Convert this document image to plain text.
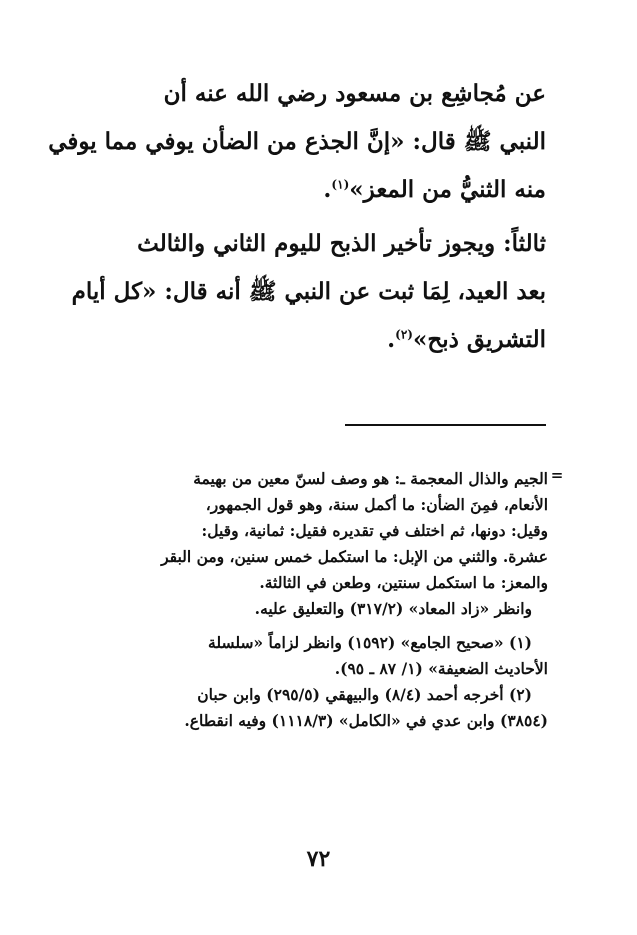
عن مُجاشِع بن مسعود رضي الله عنه أن
النبي ﷺ قال: «إنَّ الجذع من الضأن يوفي مما يوفي
منه الثنيُّ من المعز»$^{(١)}$.
ثالثاً: ويجوز تأخير الذبح لليوم الثاني والثالث
بعد العيد، لِمَا ثبت عن النبي ﷺ أنه قال: «كل أيام
التشريق ذبح»$^{(٢)}$.
=
الجيم والذال المعجمة ـ: هو وصف لسنّ معين من بهيمة
الأنعام، فمِنَ الضأن: ما أكمل سنة، وهو قول الجمهور،
وقيل: دونها، ثم اختلف في تقديره فقيل: ثمانية، وقيل:
عشرة. والثني من الإبل: ما استكمل خمس سنين، ومن البقر
والمعز: ما استكمل سنتين، وطعن في الثالثة.
وانظر «زاد المعاد» (٣١٧/٢) والتعليق عليه.
(١) «صحيح الجامع» (١٥٩٢) وانظر لزاماً «سلسلة
الأحاديث الضعيفة» (١/ ٨٧ ـ ٩٥).
(٢) أخرجه أحمد (٨/٤) والبيهقي (٢٩٥/٥) وابن حبان
(٣٨٥٤) وابن عدي في «الكامل» (١١١٨/٣) وفيه انقطاع.
٧٢
